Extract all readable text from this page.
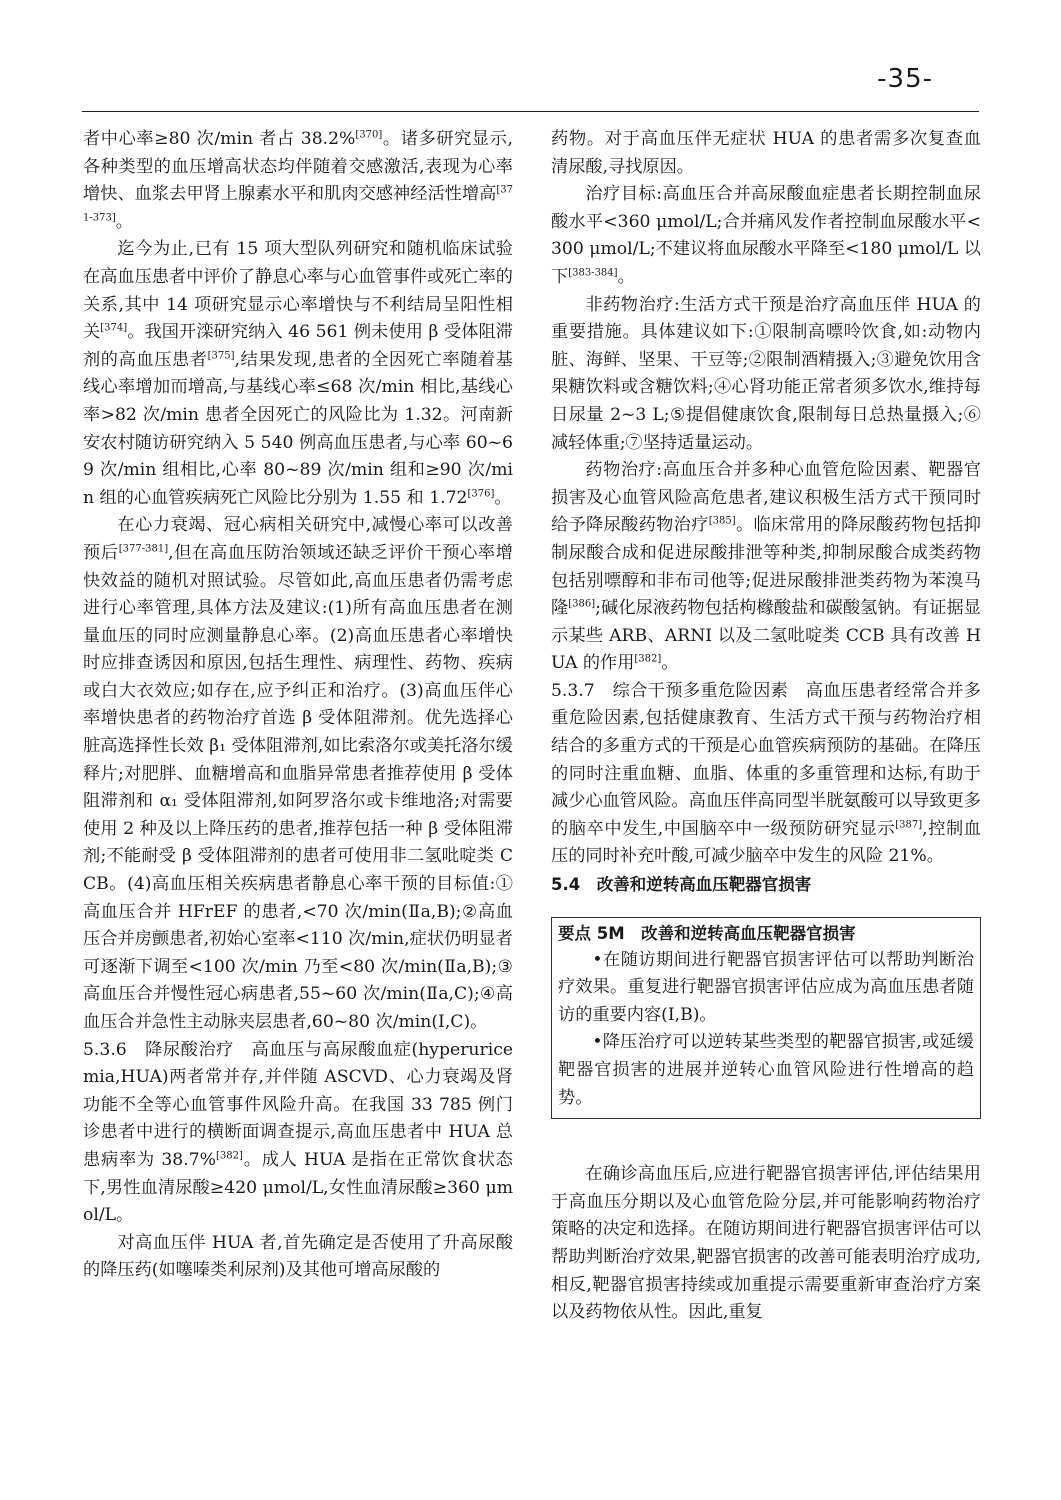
-35-

者中心率≥80 次/min 者占 38.2%[370]。诸多研究显示,各种类型的血压增高状态均伴随着交感激活,表现为心率增快、血浆去甲肾上腺素水平和肌肉交感神经活性增高[371-373]。

迄今为止,已有 15 项大型队列研究和随机临床试验在高血压患者中评价了静息心率与心血管事件或死亡率的关系,其中 14 项研究显示心率增快与不利结局呈阳性相关[374]。我国开滦研究纳入 46 561 例未使用 β 受体阻滞剂的高血压患者[375],结果发现,患者的全因死亡率随着基线心率增加而增高,与基线心率≤68 次/min 相比,基线心率>82 次/min 患者全因死亡的风险比为 1.32。河南新安农村随访研究纳入 5 540 例高血压患者,与心率 60~69 次/min 组相比,心率 80~89 次/min 组和≥90 次/min 组的心血管疾病死亡风险比分别为 1.55 和 1.72[376]。

在心力衰竭、冠心病相关研究中,减慢心率可以改善预后[377-381],但在高血压防治领域还缺乏评价干预心率增快效益的随机对照试验。尽管如此,高血压患者仍需考虑进行心率管理,具体方法及建议:(1)所有高血压患者在测量血压的同时应测量静息心率。(2)高血压患者心率增快时应排查诱因和原因,包括生理性、病理性、药物、疾病或白大衣效应;如存在,应予纠正和治疗。(3)高血压伴心率增快患者的药物治疗首选 β 受体阻滞剂。优先选择心脏高选择性长效 β₁ 受体阻滞剂,如比索洛尔或美托洛尔缓释片;对肥胖、血糖增高和血脂异常患者推荐使用 β 受体阻滞剂和 α₁ 受体阻滞剂,如阿罗洛尔或卡维地洛;对需要使用 2 种及以上降压药的患者,推荐包括一种 β 受体阻滞剂;不能耐受 β 受体阻滞剂的患者可使用非二氢吡啶类 CCB。(4)高血压相关疾病患者静息心率干预的目标值:①高血压合并 HFrEF 的患者,<70 次/min(Ⅱa,B);②高血压合并房颤患者,初始心室率<110 次/min,症状仍明显者可逐渐下调至<100 次/min 乃至<80 次/min(Ⅱa,B);③高血压合并慢性冠心病患者,55~60 次/min(Ⅱa,C);④高血压合并急性主动脉夹层患者,60~80 次/min(Ⅰ,C)。

5.3.6　降尿酸治疗　高血压与高尿酸血症(hyperuricemia,HUA)两者常并存,并伴随 ASCVD、心力衰竭及肾功能不全等心血管事件风险升高。在我国 33 785 例门诊患者中进行的横断面调查提示,高血压患者中 HUA 总患病率为 38.7%[382]。成人 HUA 是指在正常饮食状态下,男性血清尿酸≥420 μmol/L,女性血清尿酸≥360 μmol/L。

对高血压伴 HUA 者,首先确定是否使用了升高尿酸的降压药(如噻嗪类利尿剂)及其他可增高尿酸的

药物。对于高血压伴无症状 HUA 的患者需多次复查血清尿酸,寻找原因。

治疗目标:高血压合并高尿酸血症患者长期控制血尿酸水平<360 μmol/L;合并痛风发作者控制血尿酸水平<300 μmol/L;不建议将血尿酸水平降至<180 μmol/L 以下[383-384]。

非药物治疗:生活方式干预是治疗高血压伴 HUA 的重要措施。具体建议如下:①限制高嘌呤饮食,如:动物内脏、海鲜、坚果、干豆等;②限制酒精摄入;③避免饮用含果糖饮料或含糖饮料;④心肾功能正常者须多饮水,维持每日尿量 2~3 L;⑤提倡健康饮食,限制每日总热量摄入;⑥减轻体重;⑦坚持适量运动。

药物治疗:高血压合并多种心血管危险因素、靶器官损害及心血管风险高危患者,建议积极生活方式干预同时给予降尿酸药物治疗[385]。临床常用的降尿酸药物包括抑制尿酸合成和促进尿酸排泄等种类,抑制尿酸合成类药物包括别嘌醇和非布司他等;促进尿酸排泄类药物为苯溴马隆[386];碱化尿液药物包括枸橼酸盐和碳酸氢钠。有证据显示某些 ARB、ARNI 以及二氢吡啶类 CCB 具有改善 HUA 的作用[382]。

5.3.7　综合干预多重危险因素　高血压患者经常合并多重危险因素,包括健康教育、生活方式干预与药物治疗相结合的多重方式的干预是心血管疾病预防的基础。在降压的同时注重血糖、血脂、体重的多重管理和达标,有助于减少心血管风险。高血压伴高同型半胱氨酸可以导致更多的脑卒中发生,中国脑卒中一级预防研究显示[387],控制血压的同时补充叶酸,可减少脑卒中发生的风险 21%。

5.4　改善和逆转高血压靶器官损害
要点 5M　改善和逆转高血压靶器官损害

•在随访期间进行靶器官损害评估可以帮助判断治疗效果。重复进行靶器官损害评估应成为高血压患者随访的重要内容(Ⅰ,B)。

•降压治疗可以逆转某些类型的靶器官损害,或延缓靶器官损害的进展并逆转心血管风险进行性增高的趋势。

在确诊高血压后,应进行靶器官损害评估,评估结果用于高血压分期以及心血管危险分层,并可能影响药物治疗策略的决定和选择。在随访期间进行靶器官损害评估可以帮助判断治疗效果,靶器官损害的改善可能表明治疗成功,相反,靶器官损害持续或加重提示需要重新审查治疗方案以及药物依从性。因此,重复
